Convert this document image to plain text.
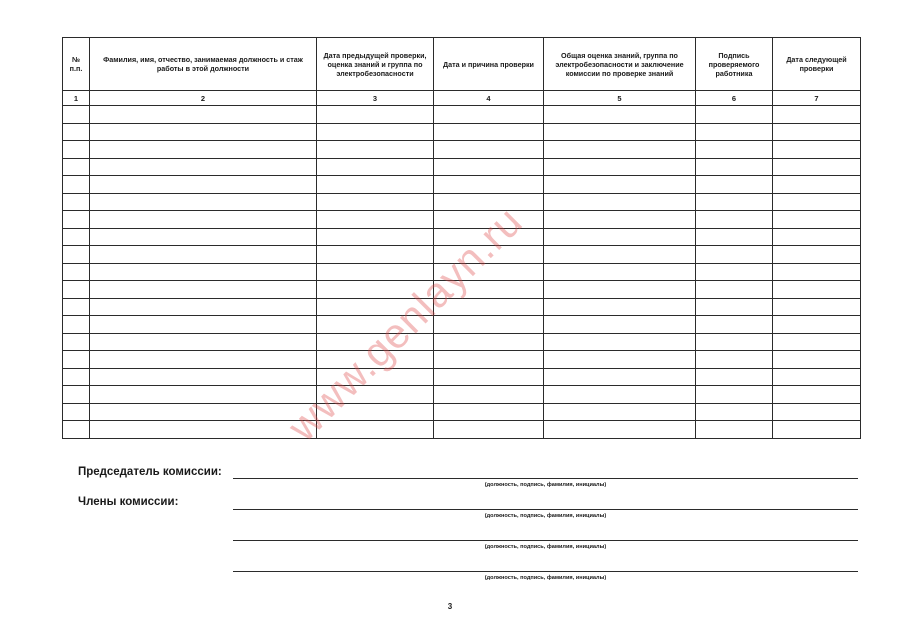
№ п.п.	Фамилия, имя, отчество, занимаемая должность и стаж работы в этой должности	Дата предыдущей проверки, оценка знаний и группа по электробезопасности	Дата и причина проверки	Общая оценка знаний, группа по электробезопасности и заключение комиссии по проверке знаний	Подпись проверяемого работника	Дата следующей проверки
1	2	3	4	5	6	7

www.genlayn.ru
Председатель комиссии:
(должность, подпись, фамилия, инициалы)
Члены комиссии:
(должность, подпись, фамилия, инициалы)
(должность, подпись, фамилия, инициалы)
(должность, подпись, фамилия, инициалы)
3
